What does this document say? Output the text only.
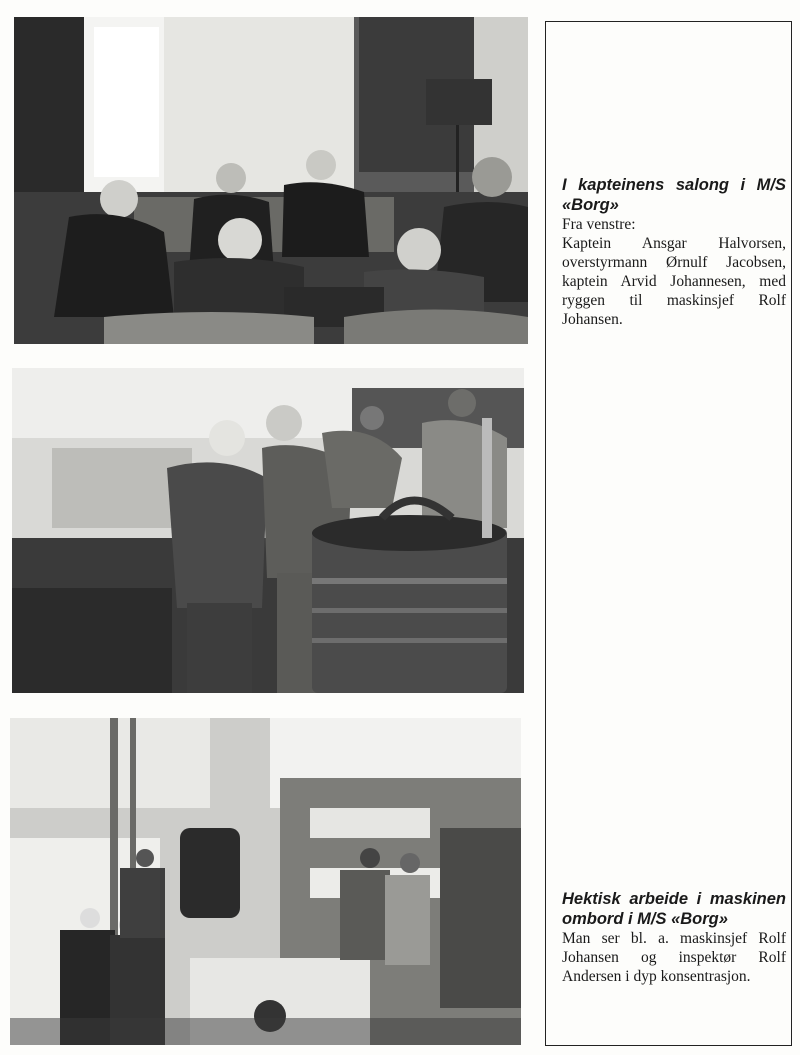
I kapteinens salong i M/S «Borg»
Fra venstre:
Kaptein Ansgar Halvorsen, overstyrmann Ørnulf Jacobsen, kaptein Arvid Johannesen, med ryggen til maskinsjef Rolf Johansen.
Hektisk arbeide i maskinen ombord i M/S «Borg»
Man ser bl. a. maskinsjef Rolf Johansen og inspektør Rolf Andersen i dyp konsentrasjon.
